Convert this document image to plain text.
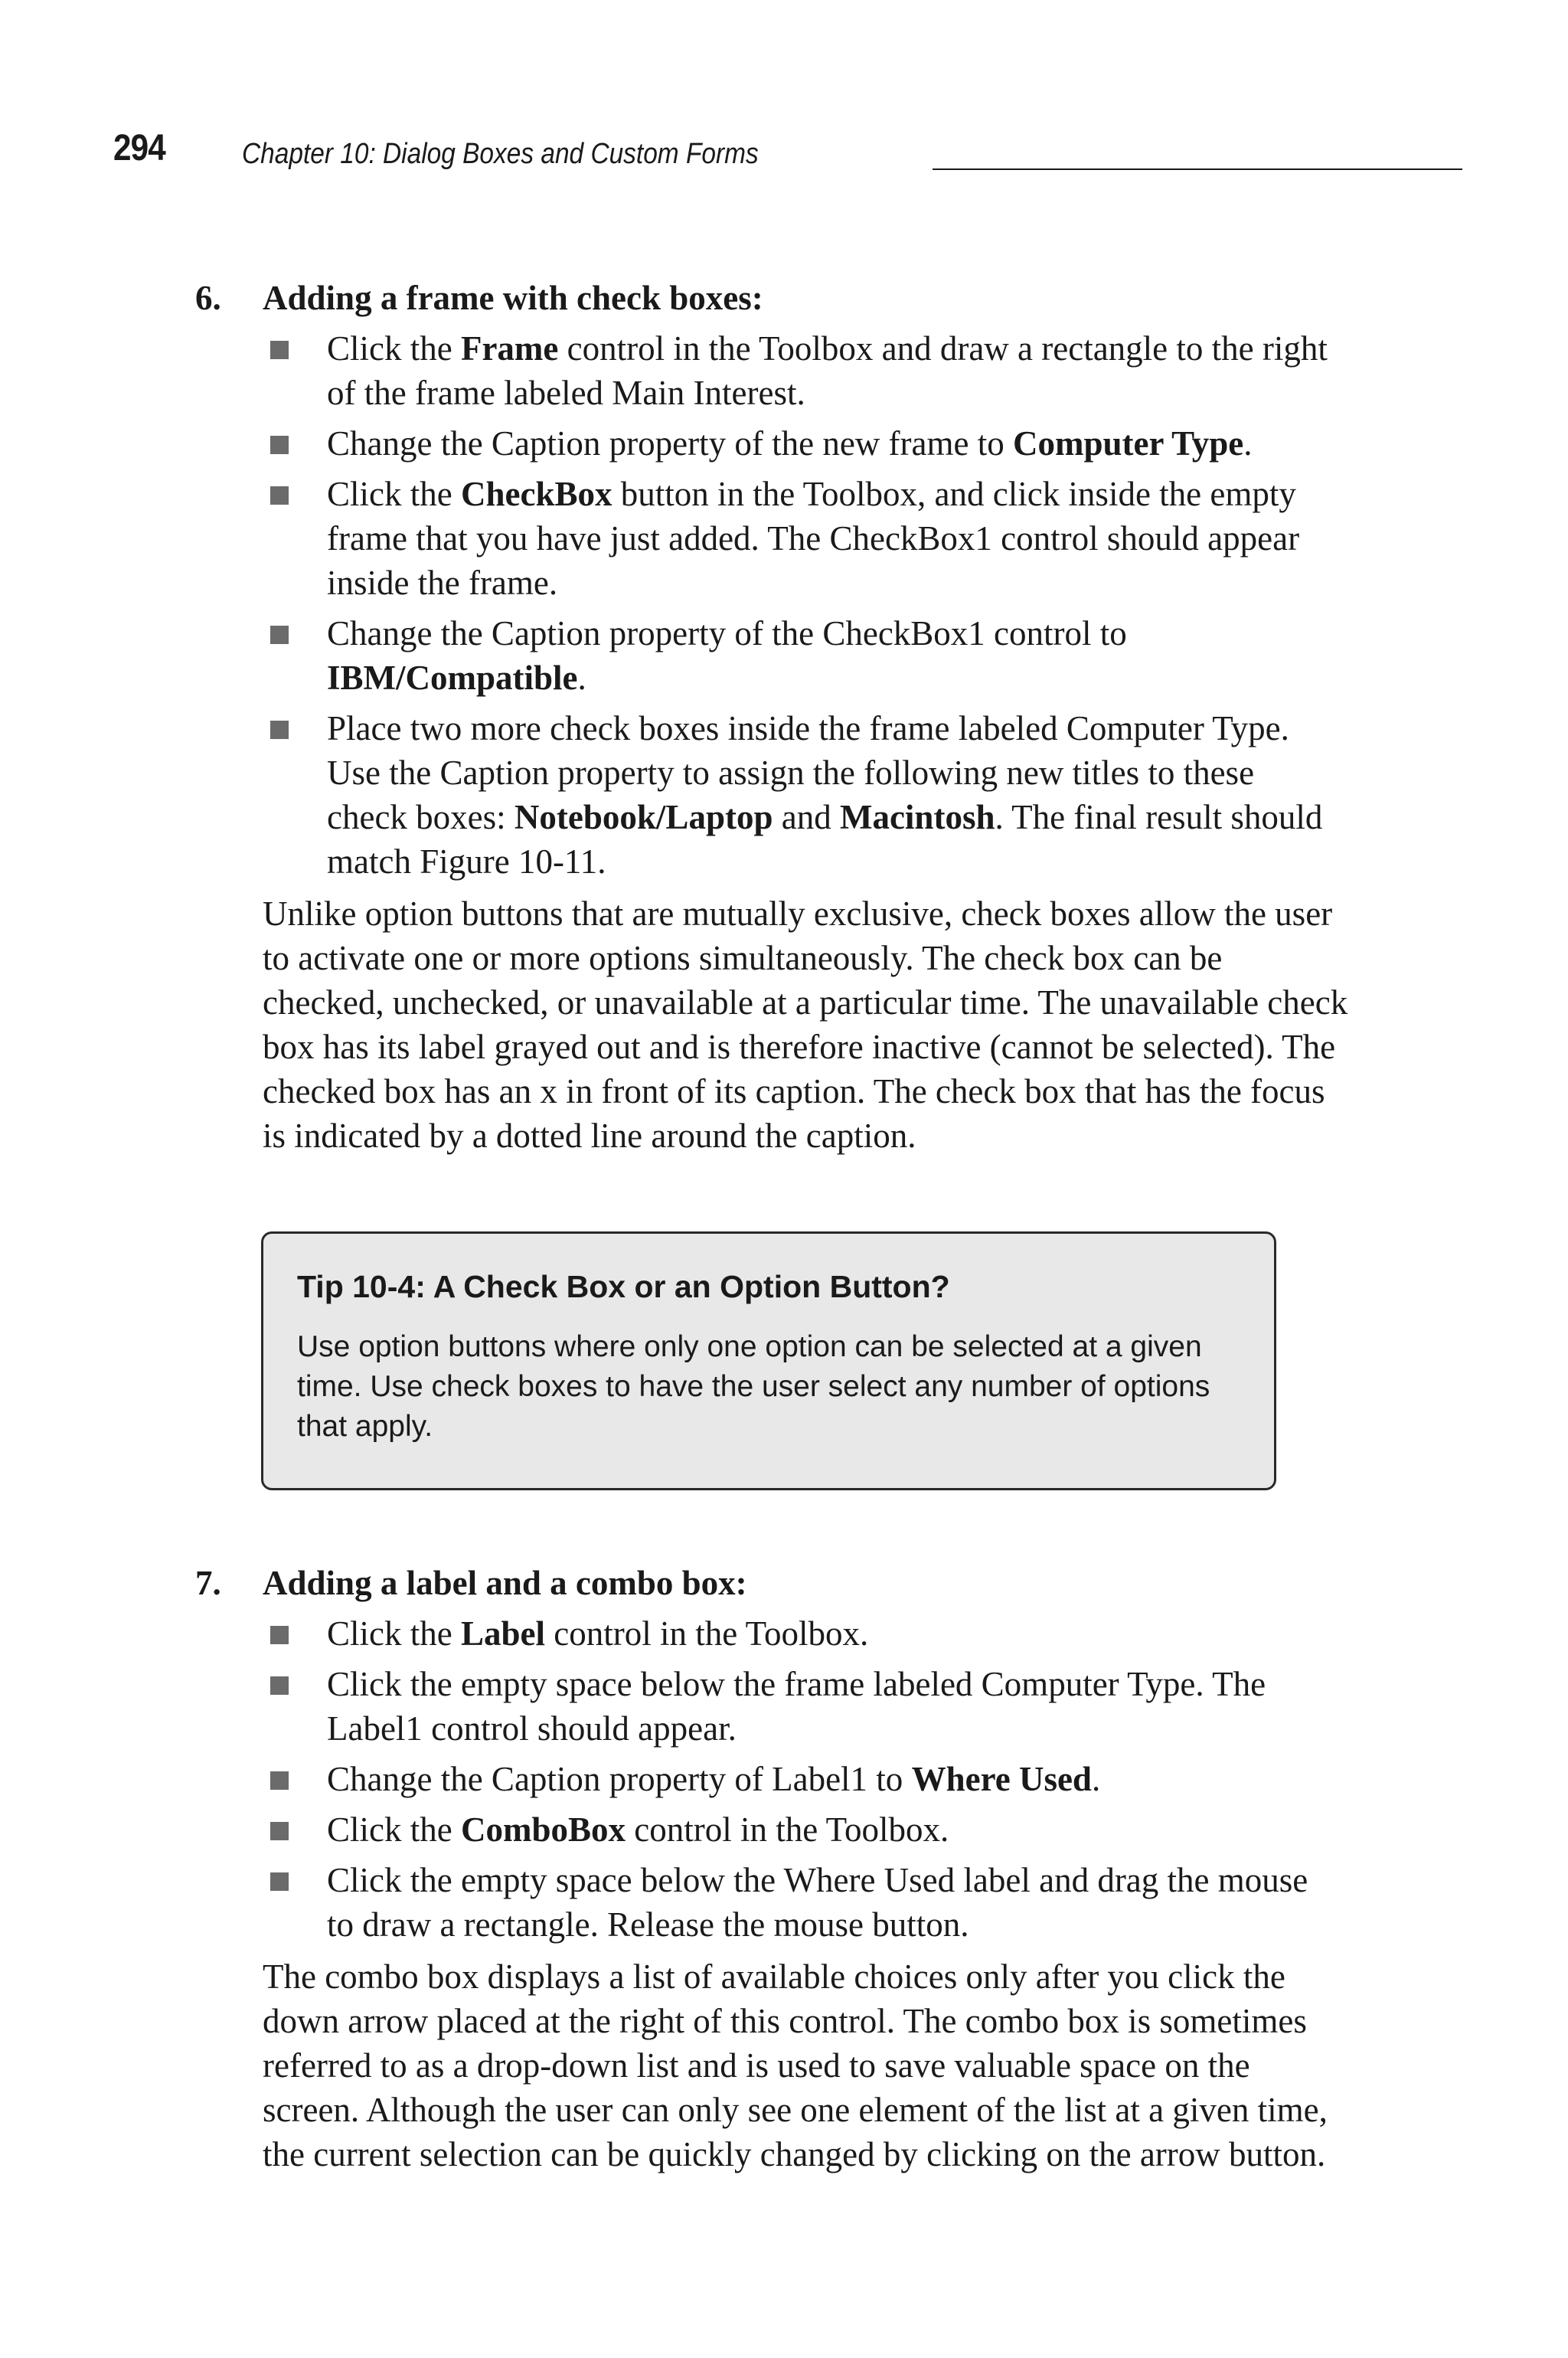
294	Chapter 10: Dialog Boxes and Custom Forms
6. Adding a frame with check boxes:
Click the Frame control in the Toolbox and draw a rectangle to the right of the frame labeled Main Interest.
Change the Caption property of the new frame to Computer Type.
Click the CheckBox button in the Toolbox, and click inside the empty frame that you have just added. The CheckBox1 control should appear inside the frame.
Change the Caption property of the CheckBox1 control to IBM/Compatible.
Place two more check boxes inside the frame labeled Computer Type. Use the Caption property to assign the following new titles to these check boxes: Notebook/Laptop and Macintosh. The final result should match Figure 10-11.

Unlike option buttons that are mutually exclusive, check boxes allow the user to activate one or more options simultaneously. The check box can be checked, unchecked, or unavailable at a particular time. The unavailable check box has its label grayed out and is therefore inactive (cannot be selected). The checked box has an x in front of its caption. The check box that has the focus is indicated by a dotted line around the caption.

Tip 10-4: A Check Box or an Option Button?
Use option buttons where only one option can be selected at a given time. Use check boxes to have the user select any number of options that apply.
7. Adding a label and a combo box:
Click the Label control in the Toolbox.
Click the empty space below the frame labeled Computer Type. The Label1 control should appear.
Change the Caption property of Label1 to Where Used.
Click the ComboBox control in the Toolbox.
Click the empty space below the Where Used label and drag the mouse to draw a rectangle. Release the mouse button.

The combo box displays a list of available choices only after you click the down arrow placed at the right of this control. The combo box is sometimes referred to as a drop-down list and is used to save valuable space on the screen. Although the user can only see one element of the list at a given time, the current selection can be quickly changed by clicking on the arrow button.
